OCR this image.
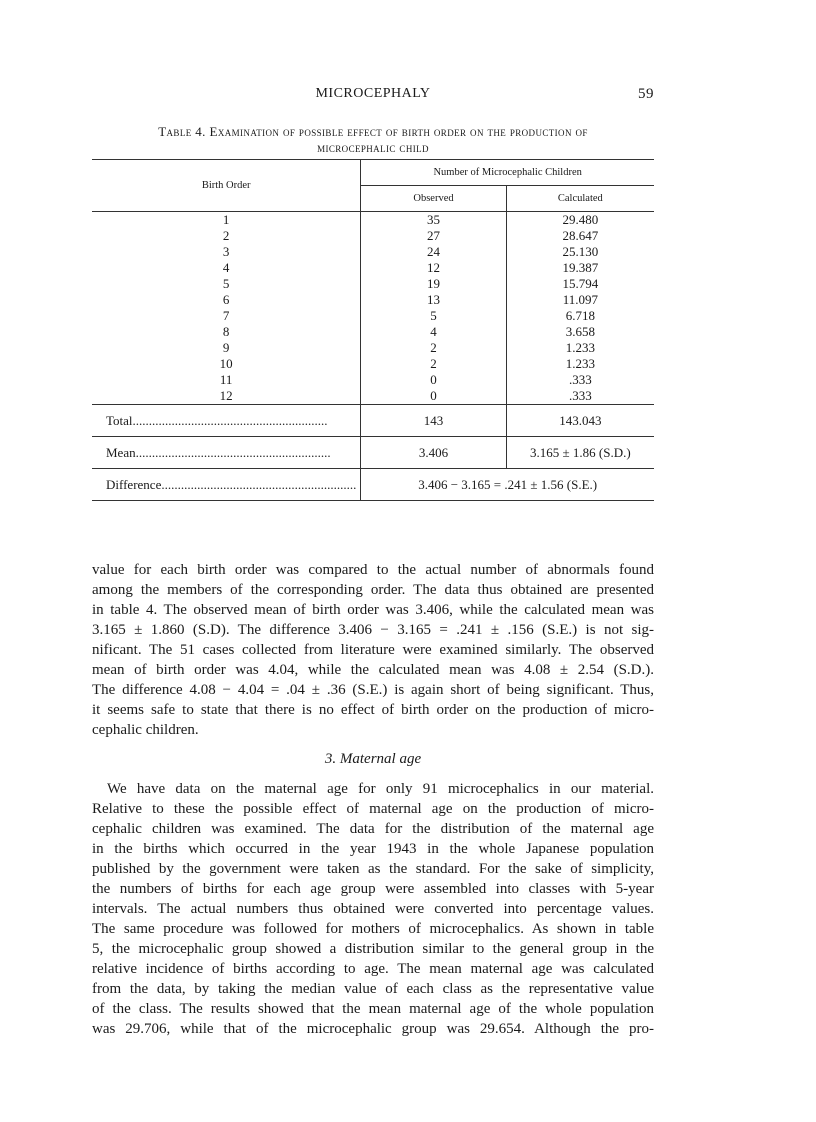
MICROCEPHALY	59
Table 4. Examination of possible effect of birth order on the production of
microcephalic child
Birth Order	Number of Microcephalic Children	
	Observed	Calculated
1	35	29.480
2	27	28.647
3	24	25.130
4	12	19.387
5	19	15.794
6	13	11.097
7	5	6.718
8	4	3.658
9	2	1.233
10	2	1.233
11	0	.333
12	0	.333

Total............................................................	143	143.043

Mean............................................................	3.406	3.165 ± 1.86 (S.D.)

Difference............................................................	3.406 − 3.165 = .241 ± 1.56 (S.E.)	

value for each birth order was compared to the actual number of abnormals found
among the members of the corresponding order. The data thus obtained are presented
in table 4. The observed mean of birth order was 3.406, while the calculated mean was
3.165 ± 1.860 (S.D). The difference 3.406 − 3.165 = .241 ± .156 (S.E.) is not sig-
nificant. The 51 cases collected from literature were examined similarly. The observed
mean of birth order was 4.04, while the calculated mean was 4.08 ± 2.54 (S.D.).
The difference 4.08 − 4.04 = .04 ± .36 (S.E.) is again short of being significant. Thus,
it seems safe to state that there is no effect of birth order on the production of micro-
cephalic children.

3. Maternal age

We have data on the maternal age for only 91 microcephalics in our material.
Relative to these the possible effect of maternal age on the production of micro-
cephalic children was examined. The data for the distribution of the maternal age
in the births which occurred in the year 1943 in the whole Japanese population
published by the government were taken as the standard. For the sake of simplicity,
the numbers of births for each age group were assembled into classes with 5-year
intervals. The actual numbers thus obtained were converted into percentage values.
The same procedure was followed for mothers of microcephalics. As shown in table
5, the microcephalic group showed a distribution similar to the general group in the
relative incidence of births according to age. The mean maternal age was calculated
from the data, by taking the median value of each class as the representative value
of the class. The results showed that the mean maternal age of the whole population
was 29.706, while that of the microcephalic group was 29.654. Although the pro-
